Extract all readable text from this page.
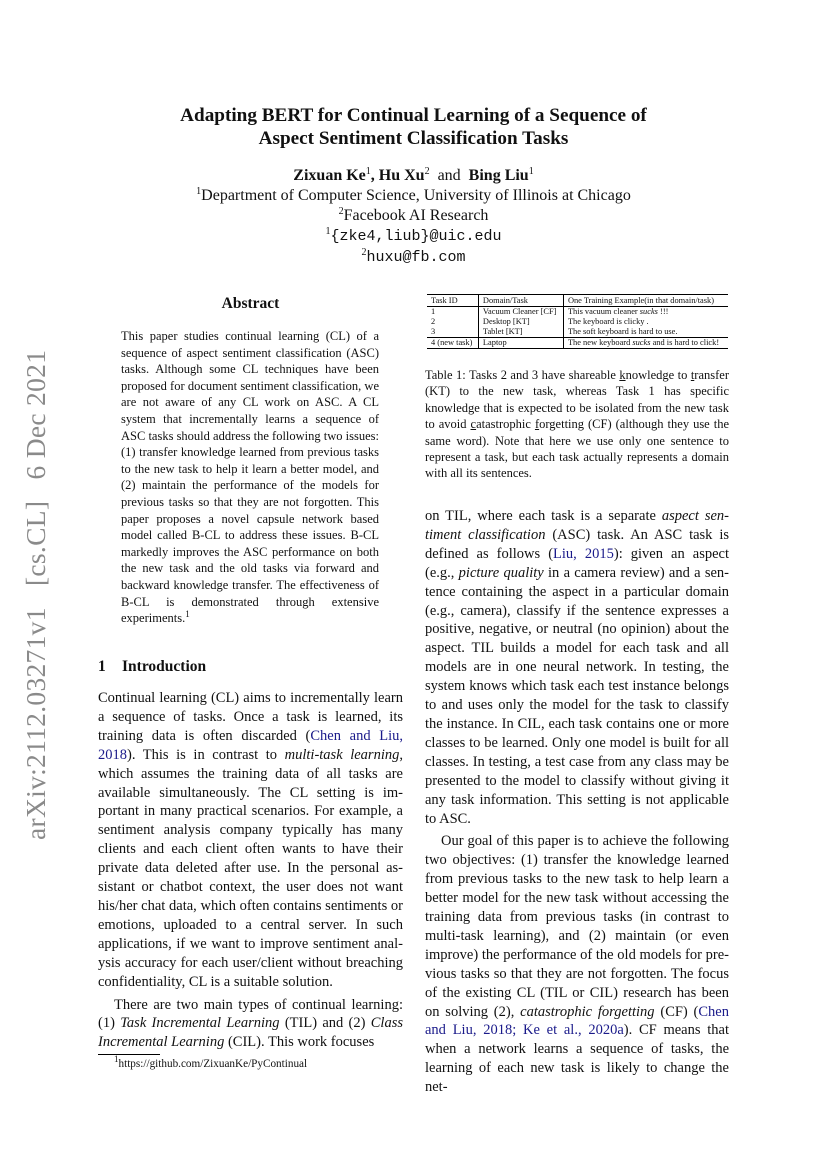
arXiv:2112.03271v1 [cs.CL] 6 Dec 2021
Adapting BERT for Continual Learning of a Sequence of
Aspect Sentiment Classification Tasks
Zixuan Ke$^1$, Hu Xu$^2$ and Bing Liu$^1$
$^1$Department of Computer Science, University of Illinois at Chicago
$^2$Facebook AI Research
$^1${zke4,liub}@uic.edu
$^2$huxu@fb.com
Abstract
This paper studies continual learning (CL) of a sequence of aspect sentiment classification (ASC) tasks. Although some CL techniques have been proposed for document sentiment classification, we are not aware of any CL work on ASC. A CL system that incrementally learns a sequence of ASC tasks should address the following two issues: (1) transfer knowledge learned from previous tasks to the new task to help it learn a better model, and (2) maintain the performance of the models for previous tasks so that they are not forgotten. This paper proposes a novel capsule network based model called B-CL to address these issues. B-CL markedly improves the ASC performance on both the new task and the old tasks via forward and backward knowledge transfer. The effectiveness of B-CL is demonstrated through extensive experiments.$^1$
1 Introduction

Continual learning (CL) aims to incrementally learn a sequence of tasks. Once a task is learned, its training data is often discarded (Chen and Liu, 2018). This is in contrast to multi-task learning, which assumes the training data of all tasks are available simultaneously. The CL setting is important in many practical scenarios. For example, a sentiment analysis company typically has many clients and each client often wants to have their private data deleted after use. In the personal assistant or chatbot context, the user does not want his/her chat data, which often contains sentiments or emotions, uploaded to a central server. In such applications, if we want to improve sentiment analysis accuracy for each user/client without breaching confidentiality, CL is a suitable solution.

There are two main types of continual learning: (1) Task Incremental Learning (TIL) and (2) Class Incremental Learning (CIL). This work focuses

$^1$https://github.com/ZixuanKe/PyContinual
Task ID	Domain/Task	One Training Example(in that domain/task)
1	Vacuum Cleaner [CF]	This vacuum cleaner sucks !!!
2	Desktop [KT]	The keyboard is clicky .
3	Tablet [KT]	The soft keyboard is hard to use.
4 (new task)	Laptop	The new keyboard sucks and is hard to click!
Table 1: Tasks 2 and 3 have shareable knowledge to transfer (KT) to the new task, whereas Task 1 has specific knowledge that is expected to be isolated from the new task to avoid catastrophic forgetting (CF) (although they use the same word). Note that here we use only one sentence to represent a task, but each task actually represents a domain with all its sentences.

on TIL, where each task is a separate aspect sentiment classification (ASC) task. An ASC task is defined as follows (Liu, 2015): given an aspect (e.g., picture quality in a camera review) and a sentence containing the aspect in a particular domain (e.g., camera), classify if the sentence expresses a positive, negative, or neutral (no opinion) about the aspect. TIL builds a model for each task and all models are in one neural network. In testing, the system knows which task each test instance belongs to and uses only the model for the task to classify the instance. In CIL, each task contains one or more classes to be learned. Only one model is built for all classes. In testing, a test case from any class may be presented to the model to classify without giving it any task information. This setting is not applicable to ASC.

Our goal of this paper is to achieve the following two objectives: (1) transfer the knowledge learned from previous tasks to the new task to help learn a better model for the new task without accessing the training data from previous tasks (in contrast to multi-task learning), and (2) maintain (or even improve) the performance of the old models for previous tasks so that they are not forgotten. The focus of the existing CL (TIL or CIL) research has been on solving (2), catastrophic forgetting (CF) (Chen and Liu, 2018; Ke et al., 2020a). CF means that when a network learns a sequence of tasks, the learning of each new task is likely to change the net-
